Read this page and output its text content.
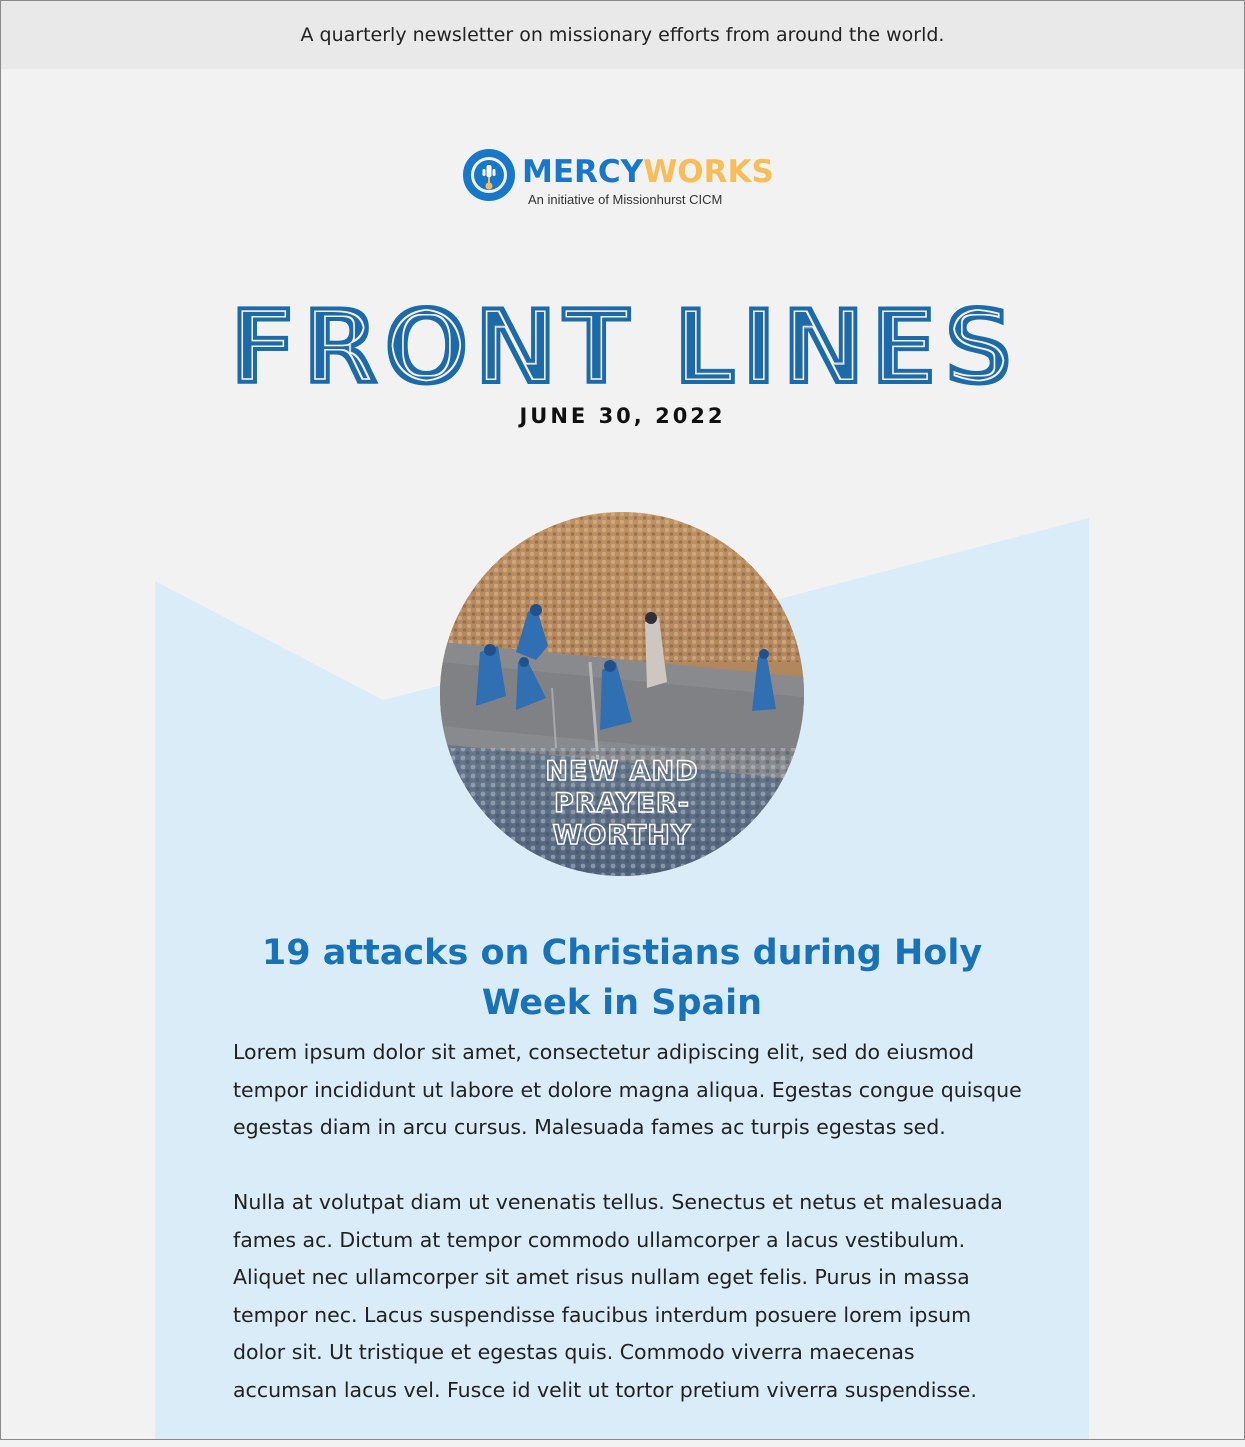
A quarterly newsletter on missionary efforts from around the world.
MERCYWORKS
An initiative of Missionhurst CICM
FRONT LINES
JUNE 30, 2022
NEW AND
PRAYER-
WORTHY
19 attacks on Christians during Holy Week in Spain

Lorem ipsum dolor sit amet, consectetur adipiscing elit, sed do eiusmod tempor incididunt ut labore et dolore magna aliqua. Egestas congue quisque egestas diam in arcu cursus. Malesuada fames ac turpis egestas sed.

Nulla at volutpat diam ut venenatis tellus. Senectus et netus et malesuada fames ac. Dictum at tempor commodo ullamcorper a lacus vestibulum. Aliquet nec ullamcorper sit amet risus nullam eget felis. Purus in massa tempor nec. Lacus suspendisse faucibus interdum posuere lorem ipsum dolor sit. Ut tristique et egestas quis. Commodo viverra maecenas accumsan lacus vel. Fusce id velit ut tortor pretium viverra suspendisse.
